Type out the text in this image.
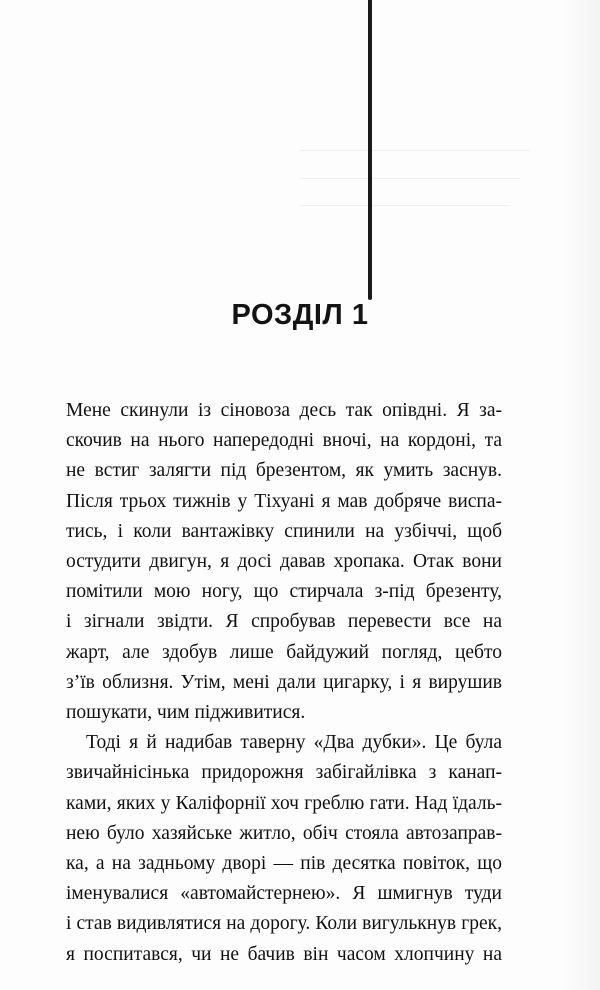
РОЗДІЛ 1

Мене скинули із сіновоза десь так опівдні. Я за-
скочив на нього напередодні вночі, на кордоні, та
не встиг залягти під брезентом, як умить заснув.
Після трьох тижнів у Тіхуані я мав добряче виспа-
тись, і коли вантажівку спинили на узбіччі, щоб
остудити двигун, я досі давав хропака. Отак вони
помітили мою ногу, що стирчала з-під брезенту,
і зігнали звідти. Я спробував перевести все на
жарт, але здобув лише байдужий погляд, цебто
з’їв облизня. Утім, мені дали цигарку, і я вирушив
пошукати, чим підживитися.

Тоді я й надибав таверну «Два дубки». Це була
звичайнісінька придорожня забігайлівка з канап-
ками, яких у Каліфорнії хоч греблю гати. Над їдаль-
нею було хазяйське житло, обіч стояла автозаправ-
ка, а на задньому дворі — пів десятка повіток, що
іменувалися «автомайстернею». Я шмигнув туди
і став видивлятися на дорогу. Коли вигулькнув грек,
я поспитався, чи не бачив він часом хлопчину на
